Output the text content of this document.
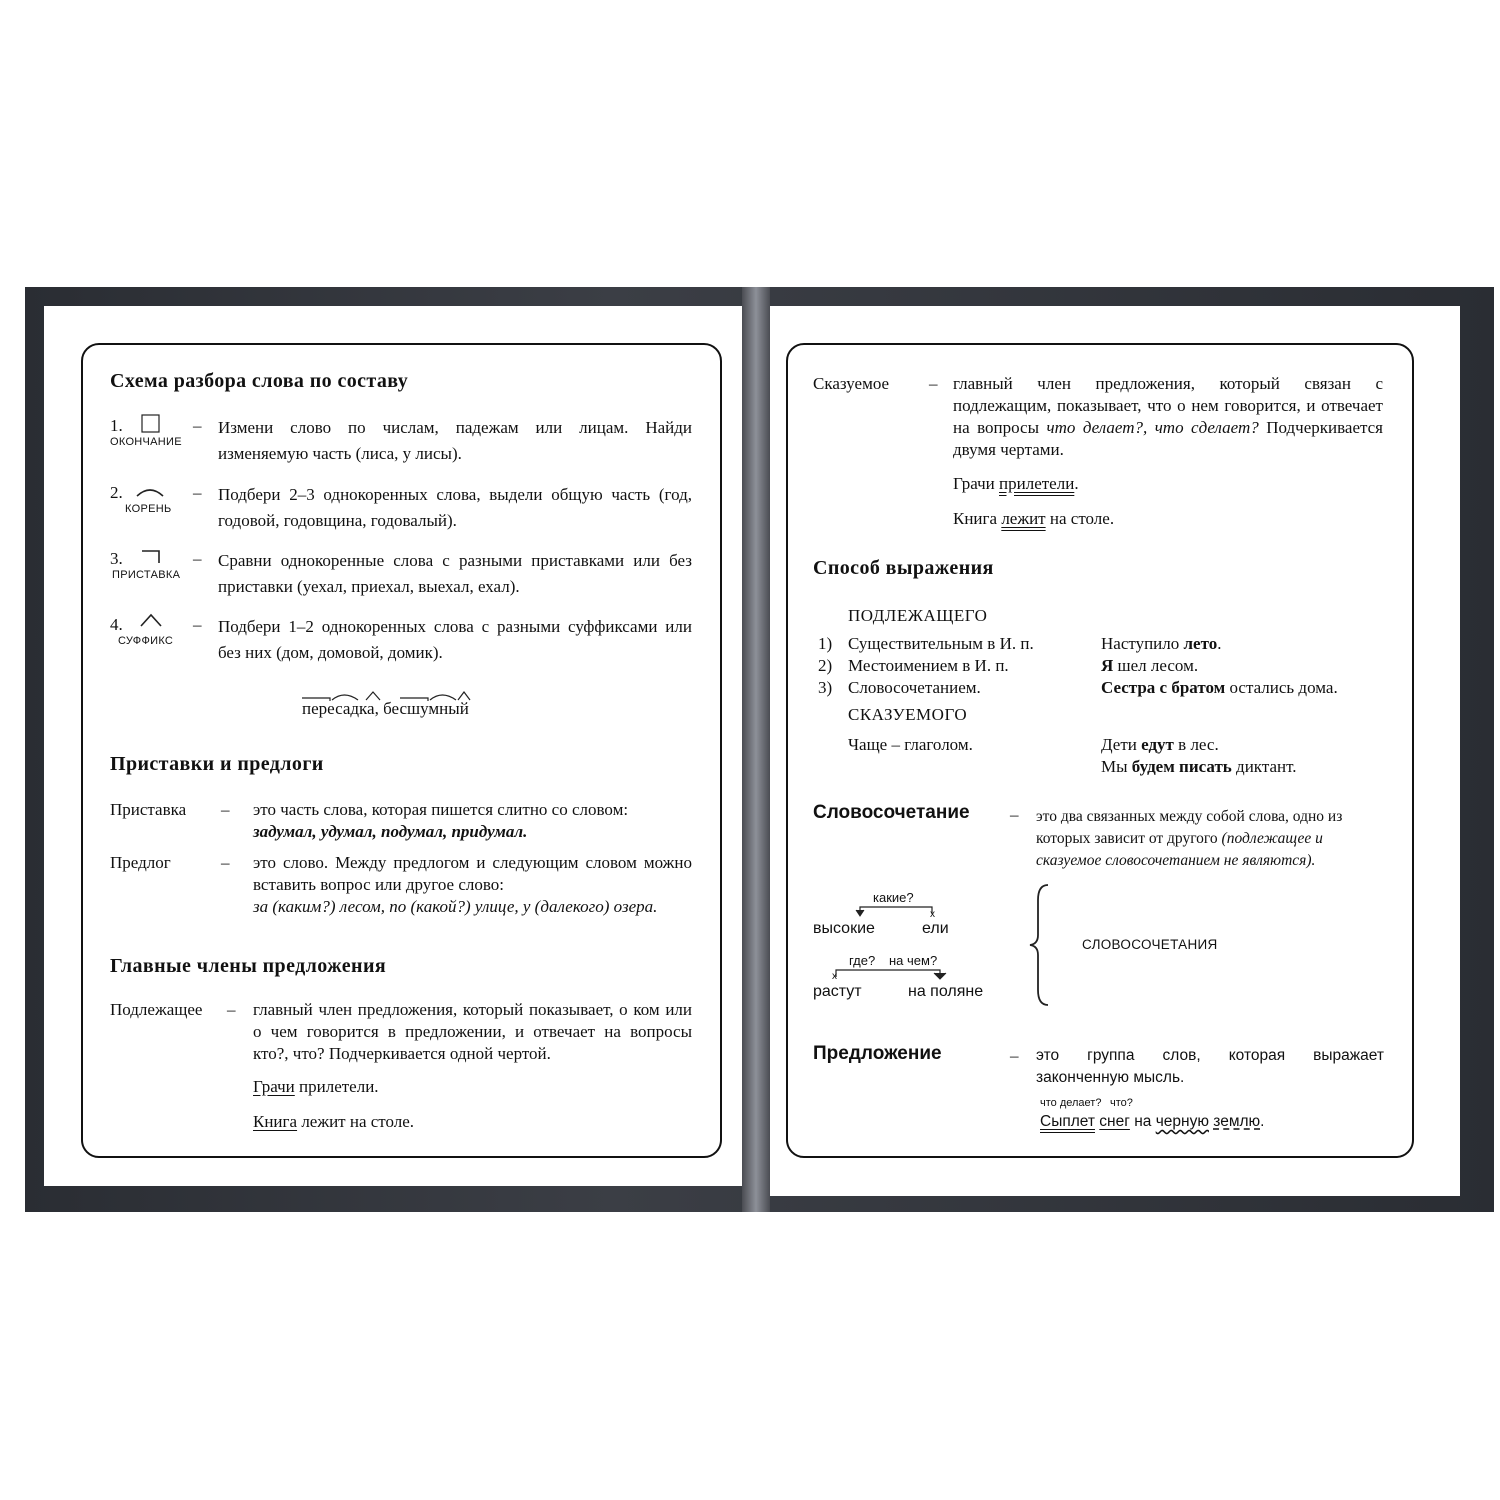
Схема разбора слова по составу
1.
ОКОНЧАНИЕ
– Измени слово по числам, падежам или лицам. Найди изменяемую часть (лиса, у лисы).
2.
КОРЕНЬ
– Подбери 2–3 однокоренных слова, выдели общую часть (год, годовой, годовщина, годовалый).
3.
ПРИСТАВКА
– Сравни однокоренные слова с разными приставками или без приставки (уехал, приехал, выехал, ехал).
4.
СУФФИКС
– Подбери 1–2 однокоренных слова с разными суффиксами или без них (дом, домовой, домик).
пересадка, бесшумный
Приставки и предлоги
Приставка – это часть слова, которая пишется слитно со словом:
задумал, удумал, подумал, придумал.
Предлог	– это слово. Между предлогом и следующим словом можно вставить вопрос или другое слово:
за (каким?) лесом, по (какой?) улице, у (далекого) озера.
Главные члены предложения
Подлежащее – главный член предложения, который показывает, о ком или о чем говорится в предложении, и отвечает на вопросы кто?, что? Подчеркивается одной чертой.
Грачи прилетели.
Книга лежит на столе.
Сказуемое – главный член предложения, который связан с подлежащим, показывает, что о нем говорится, и отвечает на вопросы что делает?, что сделает? Подчеркивается двумя чертами.
Грачи прилетели.
Книга лежит на столе.
Способ выражения
ПОДЛЕЖАЩЕГО
1) Существительным в И. п.	Наступило лето.
2) Местоимением в И. п.	Я шел лесом.
3) Словосочетанием.	Сестра с братом остались дома.
СКАЗУЕМОГО
Чаще – глаголом.	Дети едут в лес.
Мы будем писать диктант.
Словосочетание – это два связанных между собой слова, одно из которых зависит от другого (подлежащее и сказуемое словосочетанием не являются).
какие?
x
высокие	ели
где? на чем?
x
растут	на поляне
СЛОВОСОЧЕТАНИЯ
Предложение	– это группа слов, которая выражает законченную мысль.
что делает? что?
Сыплет снег на черную землю.
